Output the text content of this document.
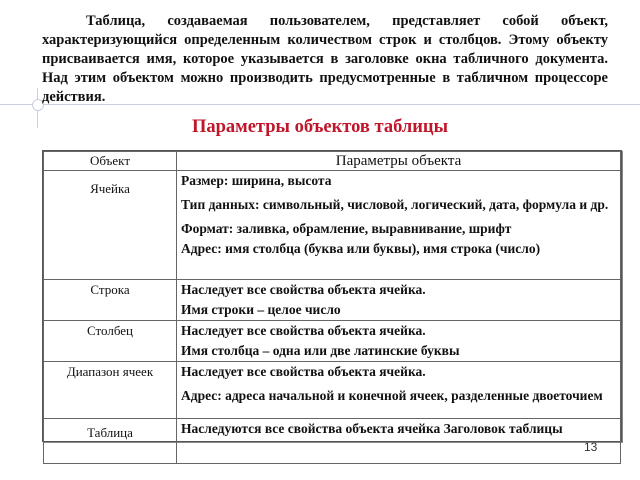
Таблица, создаваемая пользователем, представляет собой объект, характеризующийся определенным количеством строк и столбцов. Этому объекту присваивается имя, которое указывается в заголовке окна табличного документа. Над этим объектом можно производить предусмотренные в табличном процессоре действия.

Параметры объектов таблицы
Объект	Параметры объекта
Ячейка	Размер: ширина, высота
Тип данных: символьный, числовой, логический, дата, формула и др.
Формат: заливка, обрамление, выравнивание, шрифт
Адрес: имя столбца (буква или буквы), имя строка (число)

Строка	Наследует все свойства объекта ячейка.
Имя строки – целое число

Столбец	Наследует все свойства объекта ячейка.
Имя столбца – одна или две латинские буквы

Диапазон ячеек	Наследует все свойства объекта ячейка.
Адрес: адреса начальной и конечной ячеек, разделенные двоеточием

Таблица	Наследуются все свойства объекта ячейка Заголовок таблицы
13
